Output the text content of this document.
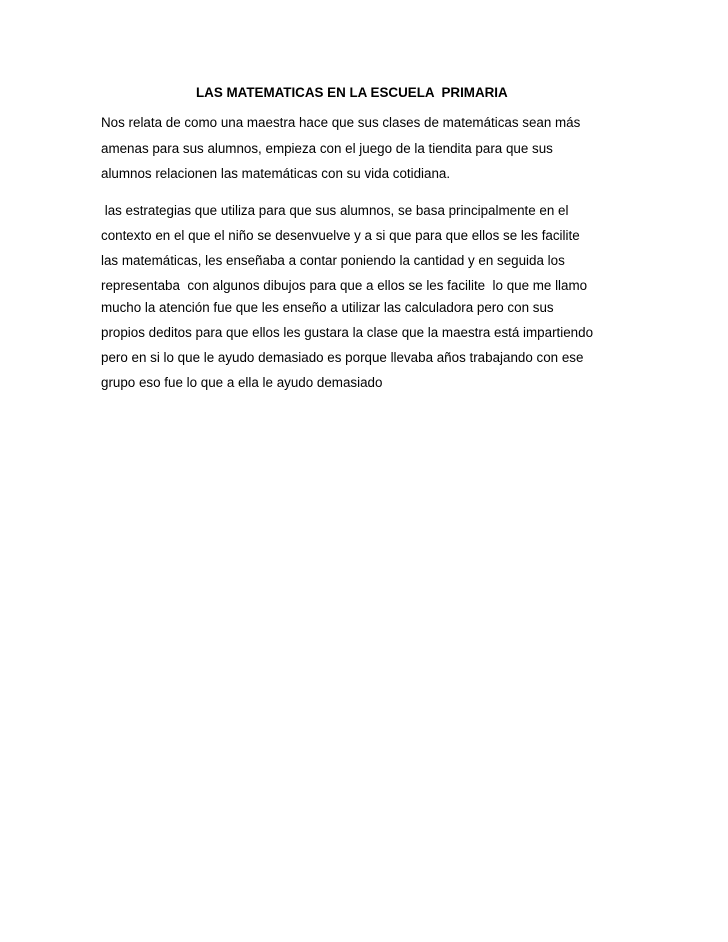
LAS MATEMATICAS EN LA ESCUELA  PRIMARIA
Nos relata de como una maestra hace que sus clases de matemáticas sean más
amenas para sus alumnos, empieza con el juego de la tiendita para que sus
alumnos relacionen las matemáticas con su vida cotidiana.
las estrategias que utiliza para que sus alumnos, se basa principalmente en el
contexto en el que el niño se desenvuelve y a si que para que ellos se les facilite
las matemáticas, les enseñaba a contar poniendo la cantidad y en seguida los
representaba  con algunos dibujos para que a ellos se les facilite  lo que me llamo
mucho la atención fue que les enseño a utilizar las calculadora pero con sus
propios deditos para que ellos les gustara la clase que la maestra está impartiendo
pero en si lo que le ayudo demasiado es porque llevaba años trabajando con ese
grupo eso fue lo que a ella le ayudo demasiado
